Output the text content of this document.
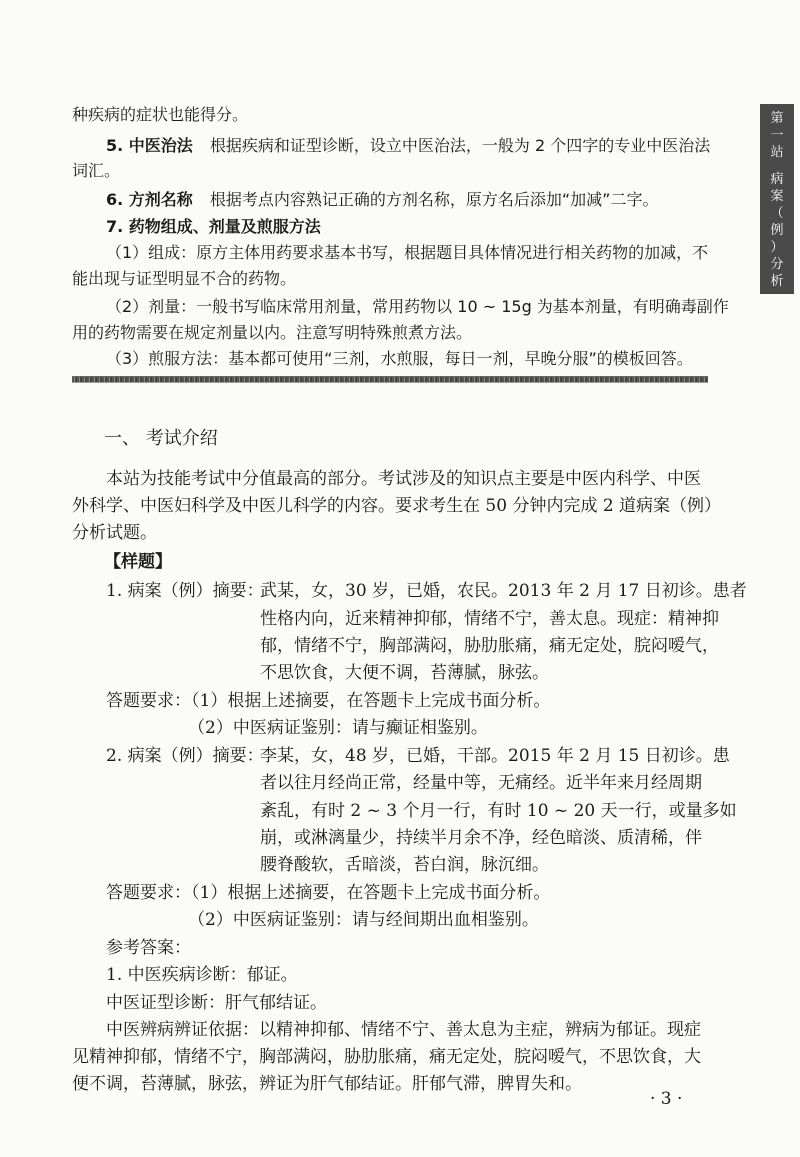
第
一
站
病
案
（
例
）
分
析
种疾病的症状也能得分。
5. 中医治法 根据疾病和证型诊断，设立中医治法，一般为 2 个四字的专业中医治法
词汇。
6. 方剂名称 根据考点内容熟记正确的方剂名称，原方名后添加“加减”二字。
7. 药物组成、剂量及煎服方法
（1）组成：原方主体用药要求基本书写，根据题目具体情况进行相关药物的加减，不
能出现与证型明显不合的药物。
（2）剂量：一般书写临床常用剂量，常用药物以 10 ~ 15g 为基本剂量，有明确毒副作
用的药物需要在规定剂量以内。注意写明特殊煎煮方法。
（3）煎服方法：基本都可使用“三剂，水煎服，每日一剂，早晚分服”的模板回答。
一、 考试介绍
本站为技能考试中分值最高的部分。考试涉及的知识点主要是中医内科学、中医
外科学、中医妇科学及中医儿科学的内容。要求考生在 50 分钟内完成 2 道病案（例）
分析试题。
【样题】
1. 病案（例）摘要：
武某，女，30 岁，已婚，农民。2013 年 2 月 17 日初诊。患者
性格内向，近来精神抑郁，情绪不宁，善太息。现症：精神抑
郁，情绪不宁，胸部满闷，胁肋胀痛，痛无定处，脘闷嗳气，
不思饮食，大便不调，苔薄腻，脉弦。
答题要求：（1）根据上述摘要，在答题卡上完成书面分析。
（2）中医病证鉴别：请与癫证相鉴别。
2. 病案（例）摘要：
李某，女，48 岁，已婚，干部。2015 年 2 月 15 日初诊。患
者以往月经尚正常，经量中等，无痛经。近半年来月经周期
紊乱，有时 2 ~ 3 个月一行，有时 10 ~ 20 天一行，或量多如
崩，或淋漓量少，持续半月余不净，经色暗淡、质清稀，伴
腰脊酸软，舌暗淡，苔白润，脉沉细。
答题要求：（1）根据上述摘要，在答题卡上完成书面分析。
（2）中医病证鉴别：请与经间期出血相鉴别。
参考答案：
1. 中医疾病诊断：郁证。
中医证型诊断：肝气郁结证。
中医辨病辨证依据：以精神抑郁、情绪不宁、善太息为主症，辨病为郁证。现症
见精神抑郁，情绪不宁，胸部满闷，胁肋胀痛，痛无定处，脘闷嗳气，不思饮食，大
便不调，苔薄腻，脉弦，辨证为肝气郁结证。肝郁气滞，脾胃失和。
· 3 ·
